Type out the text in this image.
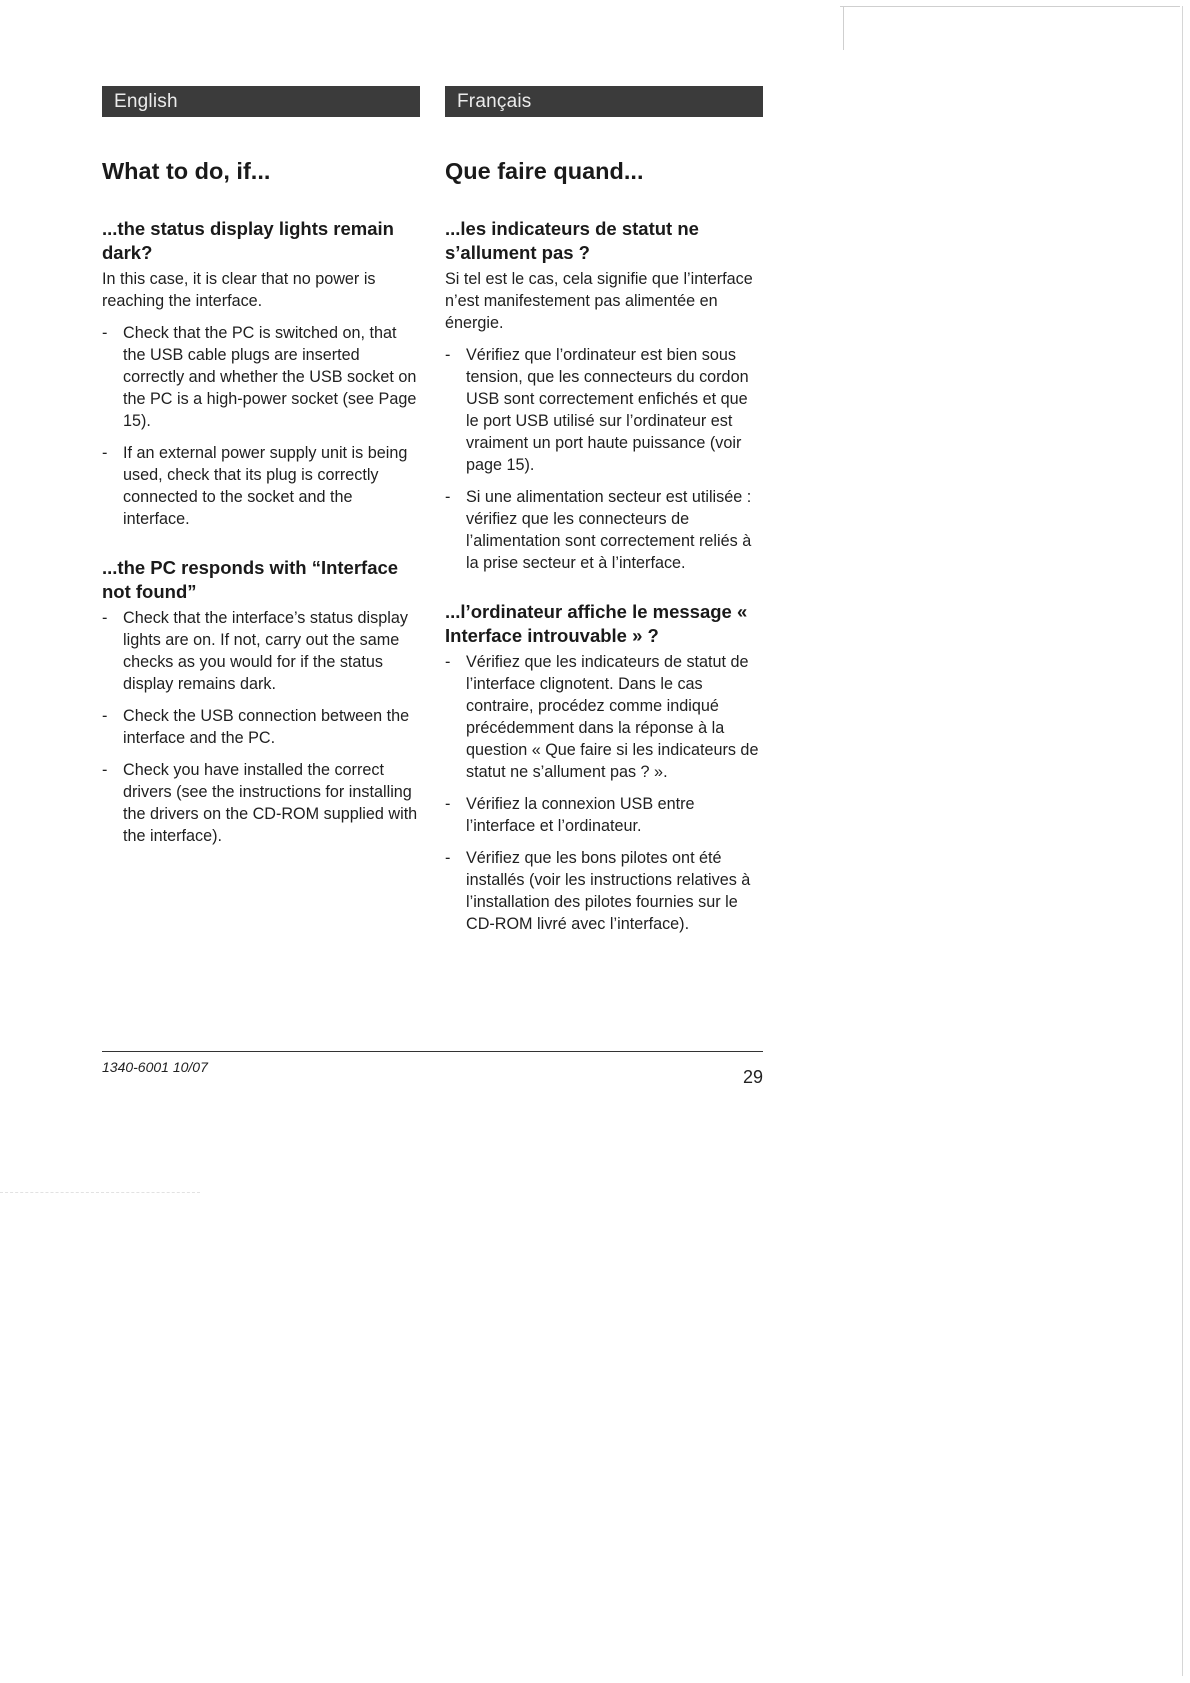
English
What to do, if...
...the status display lights remain dark?

In this case, it is clear that no power is reaching the interface.

- Check that the PC is switched on, that the USB cable plugs are inserted correctly and whether the USB socket on the PC is a high-power socket (see Page 15).
- If an external power supply unit is being used, check that its plug is correctly connected to the socket and the interface.
...the PC responds with “Interface not found”
- Check that the interface’s status display lights are on. If not, carry out the same checks as you would for if the status display remains dark.
- Check the USB connection between the interface and the PC.
- Check you have installed the correct drivers (see the instructions for installing the drivers on the CD-ROM supplied with the interface).
Français
Que faire quand...
...les indicateurs de statut ne s’allument pas ?

Si tel est le cas, cela signifie que l’interface n’est manifestement pas alimentée en énergie.

- Vérifiez que l’ordinateur est bien sous tension, que les connecteurs du cordon USB sont correctement enfichés et que le port USB utilisé sur l’ordinateur est vraiment un port haute puissance (voir page 15).
- Si une alimentation secteur est utilisée : vérifiez que les connecteurs de l’alimentation sont correctement reliés à la prise secteur et à l’interface.
...l’ordinateur affiche le message « Interface introuvable » ?
- Vérifiez que les indicateurs de statut de l’interface clignotent. Dans le cas contraire, procédez comme indiqué précédemment dans la réponse à la question « Que faire si les indicateurs de statut ne s’allument pas ? ».
- Vérifiez la connexion USB entre l’interface et l’ordinateur.
- Vérifiez que les bons pilotes ont été installés (voir les instructions relatives à l’installation des pilotes fournies sur le CD-ROM livré avec l’interface).
1340-6001 10/07	29
